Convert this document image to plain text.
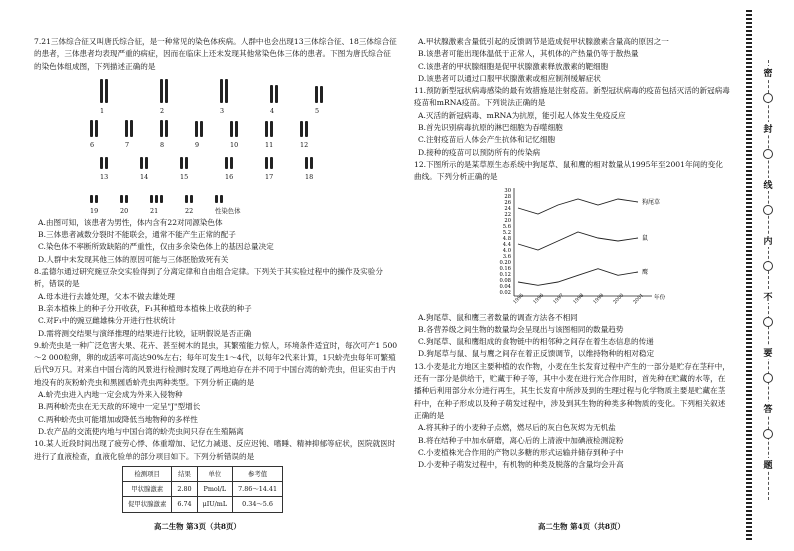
7.21三体综合征又叫唐氏综合征，是一种常见的染色体疾病。人群中也会出现13三体综合征、18三体综合征的患者，三体患者均表现严重的病症，因而在临床上还未发现其他常染色体三体的患者。下图为唐氏综合征的染色体组成图，下列描述正确的是

1	2	3	4	5
6	7	8	9	10	11	12
13	14	15	16	17	18
19	20	21	22	性染色体

A.由图可知，该患者为男性，体内含有22对同源染色体

B.三体患者减数分裂时不能联会，通常不能产生正常的配子

C.染色体不率断所致缺陷的严重性，仅由多余染色体上的基因总量决定

D.人群中未发现其他三体的原因可能与三体胚胎致死有关

8.孟德尔通过研究豌豆杂交实验得到了分离定律和自由组合定律。下列关于其实验过程中的操作及实验分析，错误的是

A.母本进行去雄处理，父本不做去雄处理

B.亲本植株上的种子分开收获，F₁其种植母本植株上收获的种子

C.对F₁中的豌豆雌雄株分开进行性状统计

D.需将测交结果与演绎推理的结果进行比较，证明假说是否正确

9.蚧壳虫是一种广泛危害大果、花卉、甚至树木的昆虫，其繁殖能力惊人，环境条件适宜时，每次可产1 500～2 000粒卵，卵的成活率可高达90%左右；每年可发生1～4代，以每年2代来计算，1只蚧壳虫每年可繁殖后代9万只。对来自中国台湾的风景进行检测时发现了两地迫存在并不同于中国台湾的蚧壳虫，但证实由于内地没有的灰粉蚧壳虫和黑圆盾蚧壳虫两种类型。下列分析正确的是

A.蚧壳虫进入内地一定会成为外来入侵物种

B.两种蚧壳虫在无天敌的环境中一定呈"J"型增长

C.两种蚧壳虫可能增加或降低当地物种的多样性

D.农产品的交流使内地与中国台湾的蚧壳虫间只存在生殖隔离

10.某人近段时间出现了疲劳心悸、体重增加、记忆力减退、反应迟钝、嗜睡、精神抑郁等症状，医院就医时进行了血液检查，血液化验单的部分项目如下。下列分析错误的是

检测项目	结果	单位	参考值
甲状腺激素	2.80	Pmol/L	7.86～14.41
促甲状腺激素	6.74	μIU/mL	0.34～5.6

A.甲状腺激素含量低引起的反馈调节是造成促甲状腺激素含量高的原因之一

B.该患者可能出现体温低于正常人，其机体的产热量仍等于散热量

C.该患者的甲状腺细胞是促甲状腺激素释放激素的靶细胞

D.该患者可以通过口服甲状腺激素或相应制剂缓解症状

11.预防新型冠状病毒感染的最有效措施是注射疫苗。新型冠状病毒的疫苗包括灭活的新冠病毒疫苗和mRNA疫苗。下列说法正确的是

A.灭活的新冠病毒、mRNA为抗原，能引起人体发生免疫反应

B.首先识别病毒抗原的淋巴细胞为吞噬细胞

C.注射疫苗后人体会产生抗体和记忆细胞

D.接种的疫苗可以预防所有的传染病

12.下图所示的是某草原生态系统中狗尾草、鼠和鹰的相对数量从1995年至2001年间的变化曲线。下列分析正确的是

30
28
26
24
22
20
5.6
5.2
4.8
4.4
4.0
3.6
0.20
0.16
0.12
0.08
0.04
0.02
狗尾草
鼠
鹰
1995 1996 1997 1998 1999 2000 2001 年份

A.狗尾草、鼠和鹰三者数量的调查方法各不相同

B.各营养级之间生物的数量均会呈现出与该图相同的数量趋势

C.狗尾草、鼠和鹰组成的食物链中的相邻种之间存在着生态信息的传递

D.狗尾草与鼠、鼠与鹰之间存在着正反馈调节，以维持物种的相对稳定

13.小麦是北方地区主要种植的农作物，小麦在生长发育过程中产生的一部分是贮存在茎秆中，还有一部分是供给干，贮藏于种子等，其中小麦在进行光合作用时，首先种在贮藏的水等，在播种后利用部分水分进行再生，其生长发育中所涉及到的生理过程与化学物质主要是贮藏在茎秆中，在种子形成以及种子萌发过程中，涉及到其生物的种类多种物质的变化。下列相关叙述正确的是

A.将其种子的小麦种子点燃，燃尽后的灰白色灰烬为无机盐

B.将在结种子中加水研磨，离心后的上清液中加碘液检测淀粉

C.小麦植株光合作用的产物以多糖的形式运输并储存到种子中

D.小麦种子萌发过程中，有机物的种类及脱落的含量均会升高

高二生物 第3页（共8页）	高二生物 第4页（共8页）
密
封
线
内
不
要
答
题
